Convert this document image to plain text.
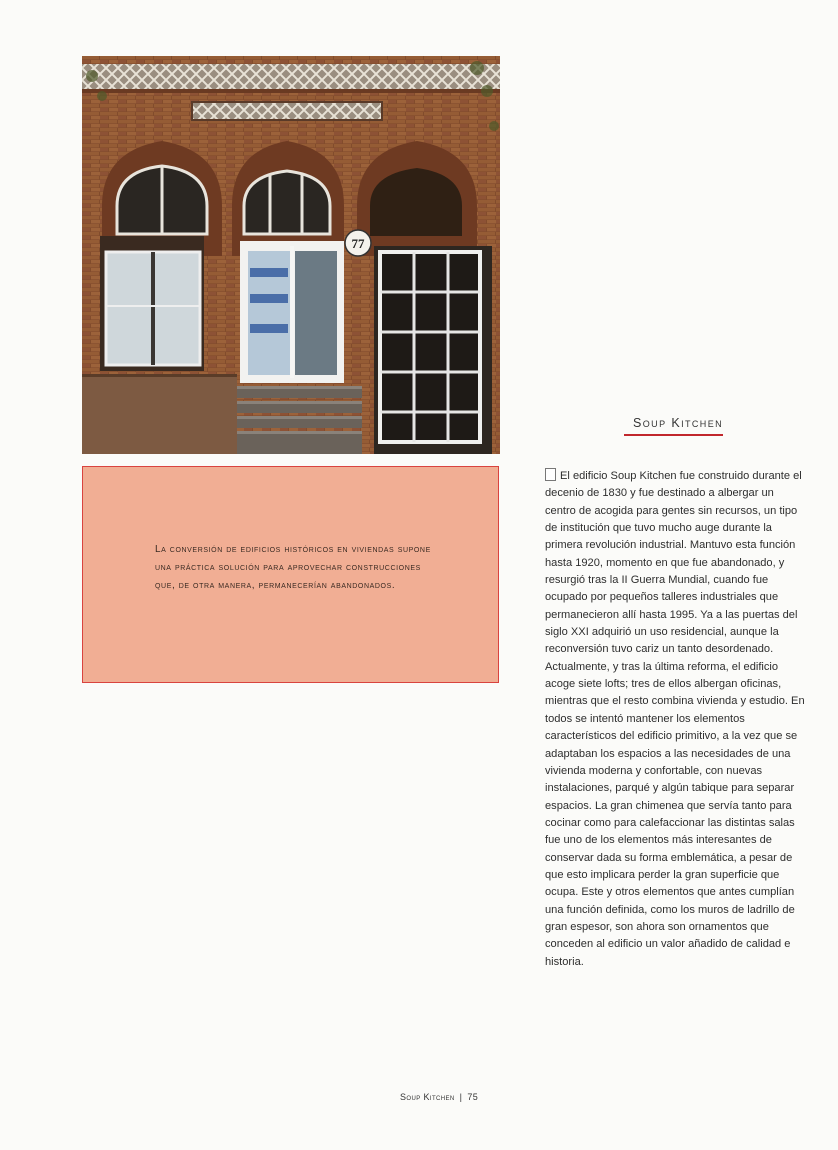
77
La conversión de edificios históricos en viviendas supone una práctica solución para aprovechar construcciones que, de otra manera, permanecerían abandonados.
Soup Kitchen
El edificio Soup Kitchen fue construido durante el decenio de 1830 y fue destinado a albergar un centro de acogida para gentes sin recursos, un tipo de institución que tuvo mucho auge durante la primera revolución industrial. Mantuvo esta función hasta 1920, momento en que fue abandonado, y resurgió tras la II Guerra Mundial, cuando fue ocupado por pequeños talleres industriales que permanecieron allí hasta 1995. Ya a las puertas del siglo XXI adquirió un uso residencial, aunque la reconversión tuvo cariz un tanto desordenado. Actualmente, y tras la última reforma, el edificio acoge siete lofts; tres de ellos albergan oficinas, mientras que el resto combina vivienda y estudio. En todos se intentó mantener los elementos característicos del edificio primitivo, a la vez que se adaptaban los espacios a las necesidades de una vivienda moderna y confortable, con nuevas instalaciones, parqué y algún tabique para separar espacios. La gran chimenea que servía tanto para cocinar como para calefaccionar las distintas salas fue uno de los elementos más interesantes de conservar dada su forma emblemática, a pesar de que esto implicara perder la gran superficie que ocupa. Este y otros elementos que antes cumplían una función definida, como los muros de ladrillo de gran espesor, son ahora son ornamentos que conceden al edificio un valor añadido de calidad e historia.
Soup Kitchen | 75
